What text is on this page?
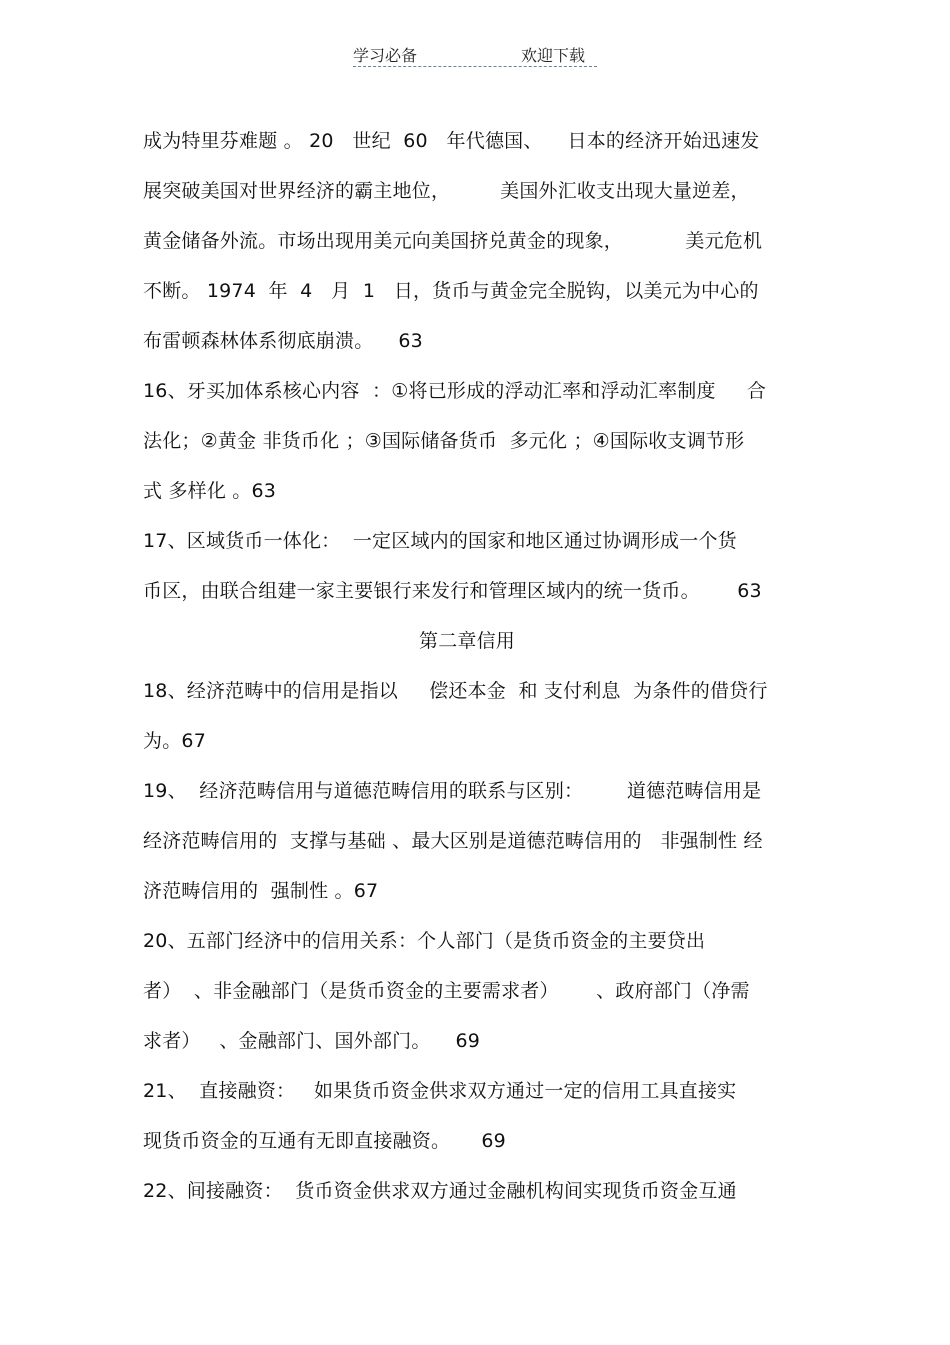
学习必备	欢迎下载
成为特里芬难题 。 20   世纪  60   年代德国、    日本的经济开始迅速发
展突破美国对世界经济的霸主地位，        美国外汇收支出现大量逆差，
黄金储备外流。市场出现用美元向美国挤兑黄金的现象，          美元危机
不断。 1974  年  4   月  1   日，货币与黄金完全脱钩，以美元为中心的
布雷顿森林体系彻底崩溃。    63
16、牙买加体系核心内容  ：①将已形成的浮动汇率和浮动汇率制度     合
法化；②黄金 非货币化 ；③国际储备货币  多元化 ；④国际收支调节形
式 多样化 。63
17、区域货币一体化：  一定区域内的国家和地区通过协调形成一个货
币区，由联合组建一家主要银行来发行和管理区域内的统一货币。      63
第二章信用
18、经济范畴中的信用是指以     偿还本金  和 支付利息  为条件的借贷行
为。67
19、  经济范畴信用与道德范畴信用的联系与区别：       道德范畴信用是
经济范畴信用的  支撑与基础 、最大区别是道德范畴信用的   非强制性 经
济范畴信用的  强制性 。67
20、五部门经济中的信用关系：个人部门（是货币资金的主要贷出
者）  、非金融部门（是货币资金的主要需求者）      、政府部门（净需
求者）   、金融部门、国外部门。    69
21、  直接融资：   如果货币资金供求双方通过一定的信用工具直接实
现货币资金的互通有无即直接融资。     69
22、间接融资：  货币资金供求双方通过金融机构间实现货币资金互通
